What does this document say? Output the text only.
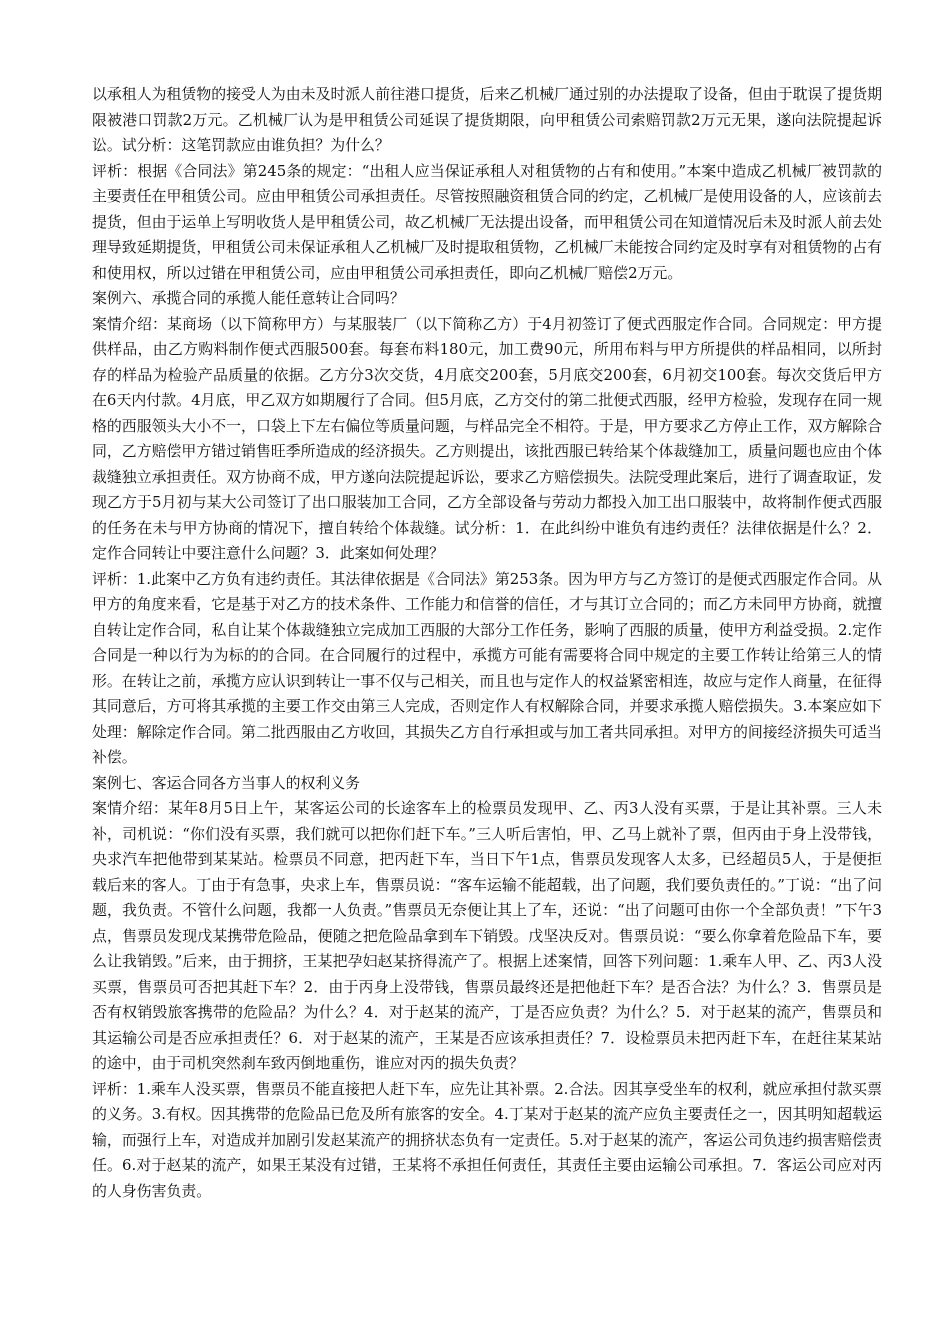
以承租人为租赁物的接受人为由未及时派人前往港口提货，后来乙机械厂通过别的办法提取了设备，但由于耽误了提货期限被港口罚款2万元。乙机械厂认为是甲租赁公司延误了提货期限，向甲租赁公司索赔罚款2万元无果，遂向法院提起诉讼。试分析：这笔罚款应由谁负担？为什么？

评析：根据《合同法》第245条的规定：“出租人应当保证承租人对租赁物的占有和使用。”本案中造成乙机械厂被罚款的主要责任在甲租赁公司。应由甲租赁公司承担责任。尽管按照融资租赁合同的约定，乙机械厂是使用设备的人，应该前去提货，但由于运单上写明收货人是甲租赁公司，故乙机械厂无法提出设备，而甲租赁公司在知道情况后未及时派人前去处理导致延期提货，甲租赁公司未保证承租人乙机械厂及时提取租赁物，乙机械厂未能按合同约定及时享有对租赁物的占有和使用权，所以过错在甲租赁公司，应由甲租赁公司承担责任，即向乙机械厂赔偿2万元。

案例六、承揽合同的承揽人能任意转让合同吗？

案情介绍：某商场（以下简称甲方）与某服装厂（以下简称乙方）于4月初签订了便式西服定作合同。合同规定：甲方提供样品，由乙方购料制作便式西服500套。每套布料180元，加工费90元，所用布料与甲方所提供的样品相同，以所封存的样品为检验产品质量的依据。乙方分3次交货，4月底交200套，5月底交200套，6月初交100套。每次交货后甲方在6天内付款。4月底，甲乙双方如期履行了合同。但5月底，乙方交付的第二批便式西服，经甲方检验，发现存在同一规格的西服领头大小不一，口袋上下左右偏位等质量问题，与样品完全不相符。于是，甲方要求乙方停止工作，双方解除合同，乙方赔偿甲方错过销售旺季所造成的经济损失。乙方则提出，该批西服已转给某个体裁缝加工，质量问题也应由个体裁缝独立承担责任。双方协商不成，甲方遂向法院提起诉讼，要求乙方赔偿损失。法院受理此案后，进行了调查取证，发现乙方于5月初与某大公司签订了出口服装加工合同，乙方全部设备与劳动力都投入加工出口服装中，故将制作便式西服的任务在未与甲方协商的情况下，擅自转给个体裁缝。试分析：1．在此纠纷中谁负有违约责任？法律依据是什么？2．定作合同转让中要注意什么问题？3．此案如何处理？

评析：1.此案中乙方负有违约责任。其法律依据是《合同法》第253条。因为甲方与乙方签订的是便式西服定作合同。从甲方的角度来看，它是基于对乙方的技术条件、工作能力和信誉的信任，才与其订立合同的；而乙方未同甲方协商，就擅自转让定作合同，私自让某个体裁缝独立完成加工西服的大部分工作任务，影响了西服的质量，使甲方利益受损。2.定作合同是一种以行为为标的的合同。在合同履行的过程中，承揽方可能有需要将合同中规定的主要工作转让给第三人的情形。在转让之前，承揽方应认识到转让一事不仅与己相关，而且也与定作人的权益紧密相连，故应与定作人商量，在征得其同意后，方可将其承揽的主要工作交由第三人完成，否则定作人有权解除合同，并要求承揽人赔偿损失。3.本案应如下处理：解除定作合同。第二批西服由乙方收回，其损失乙方自行承担或与加工者共同承担。对甲方的间接经济损失可适当补偿。

案例七、客运合同各方当事人的权利义务

案情介绍：某年8月5日上午，某客运公司的长途客车上的检票员发现甲、乙、丙3人没有买票，于是让其补票。三人未补，司机说：“你们没有买票，我们就可以把你们赶下车。”三人听后害怕，甲、乙马上就补了票，但丙由于身上没带钱，央求汽车把他带到某某站。检票员不同意，把丙赶下车，当日下午1点，售票员发现客人太多，已经超员5人，于是便拒载后来的客人。丁由于有急事，央求上车，售票员说：“客车运输不能超载，出了问题，我们要负责任的。”丁说：“出了问题，我负责。不管什么问题，我都一人负责。”售票员无奈便让其上了车，还说：“出了问题可由你一个全部负责！”下午3点，售票员发现戊某携带危险品，便随之把危险品拿到车下销毁。戊坚决反对。售票员说：“要么你拿着危险品下车，要么让我销毁。”后来，由于拥挤，王某把孕妇赵某挤得流产了。根据上述案情，回答下列问题：1.乘车人甲、乙、丙3人没买票，售票员可否把其赶下车？2．由于丙身上没带钱，售票员最终还是把他赶下车？是否合法？为什么？3．售票员是否有权销毁旅客携带的危险品？为什么？4．对于赵某的流产，丁是否应负责？为什么？5．对于赵某的流产，售票员和其运输公司是否应承担责任？6．对于赵某的流产，王某是否应该承担责任？7．设检票员未把丙赶下车，在赶往某某站的途中，由于司机突然刹车致丙倒地重伤，谁应对丙的损失负责？

评析：1.乘车人没买票，售票员不能直接把人赶下车，应先让其补票。2.合法。因其享受坐车的权利，就应承担付款买票的义务。3.有权。因其携带的危险品已危及所有旅客的安全。4.丁某对于赵某的流产应负主要责任之一，因其明知超载运输，而强行上车，对造成并加剧引发赵某流产的拥挤状态负有一定责任。5.对于赵某的流产，客运公司负违约损害赔偿责任。6.对于赵某的流产，如果王某没有过错，王某将不承担任何责任，其责任主要由运输公司承担。7．客运公司应对丙的人身伤害负责。
